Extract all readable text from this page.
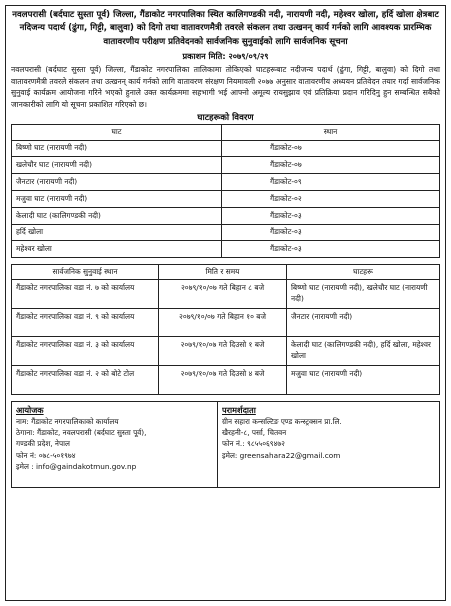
नवलपरासी (बर्दघाट सुस्ता पूर्व) जिल्ला, गैंडाकोट नगरपालिका स्थित कालिगण्डकी नदी, नारायणी नदी, महेश्वर खोला, हर्दि खोला क्षेत्रबाट नदिजन्य पदार्थ (ढुंगा, गिट्टी, बालुवा) को दिगो तथा वातावरणमैत्री तवरले संकलन तथा उत्खनन् कार्य गर्नको लागि आवश्यक प्रारम्भिक वातावरणीय परीक्षण प्रतिवेदनको सार्वजनिक सुनुवाईको लागि सार्वजनिक सूचना
प्रकाशन मिति: २०७९/०९/२९
नवलपरासी (बर्दघाट सुस्ता पूर्व) जिल्ला, गैंडाकोट नगरपालिका तालिकामा तोकिएको घाटहरूबाट नदीजन्य पदार्थ (ढुंगा, गिट्टी, बालुवा) को दिगो तथा वातावरणमैत्री तवरले संकलन तथा उत्खनन् कार्य गर्नको लागि वातावरण संरक्षण नियमावली २०७७ अनुसार वातावरणीय अध्ययन प्रतिवेदन तयार गर्दा सार्वजनिक सुनुवाई कार्यक्रम आयोजना गरिने भएको हुनाले उक्त कार्यक्रममा सहभागी भई आफ्नो अमूल्य रायसुझाव एवं प्रतिक्रिया प्रदान गरिदिनु हुन सम्बन्धित सबैको जानकारीको लागि यो सूचना प्रकाशित गरिएको छ।
घाटहरूको विवरण
घाट	स्थान
बिष्णो घाट (नारायणी नदी)	गैंडाकोट-०७
खलेचौर घाट (नारायणी नदी)	गैंडाकोट-०७
जैनटार (नारायणी नदी)	गैंडाकोट-०९
मजुवा घाट (नारायणी नदी)	गैंडाकोट-०२
केलादी घाट (कालिगण्डकी नदी)	गैंडाकोट-०३
हर्दि खोला	गैंडाकोट-०३
महेश्वर खोला	गैंडाकोट-०३
सार्वजनिक सुनुवाई स्थान	मिति र समय	घाटहरू
गैंडाकोट नगरपालिका वडा नं. ७ को कार्यालय	२०७९/१०/०७ गते बिहान ८ बजे	बिष्णो घाट (नारायणी नदी), खलेचौर घाट (नारायणी नदी)
गैंडाकोट नगरपालिका वडा नं. ९ को कार्यालय	२०७९/१०/०७ गते बिहान १० बजे	जैनटार (नारायणी नदी)
गैंडाकोट नगरपालिका वडा नं. ३ को कार्यालय	२०७९/१०/०७ गते दिउसो १ बजे	केलादी घाट (कालिगण्डकी नदी), हर्दि खोला, महेश्वर खोला
गैंडाकोट नगरपालिका वडा नं. २ को बोटे टोल	२०७९/१०/०७ गते दिउसो ४ बजे	मजुवा घाट (नारायणी नदी)
आयोजक
नाम: गैंडाकोट नगरपालिकाको कार्यालय
ठेगाना: गैंडाकोट, नवलपरासी (बर्दघाट सुस्ता पूर्व),
गण्डकी प्रदेश, नेपाल
फोन नं: ०७८-५०१९७४
इमेल : info@gaindakotmun.gov.np

परामर्शदाता
ग्रीन सहारा कन्सल्टिङ एण्ड कन्स्ट्रक्सन प्रा.लि.
खैरहनी-८, पर्सा, चितवन
फोन नं.: ९८५५०६९४७२
इमेल: greensahara22@gmail.com
